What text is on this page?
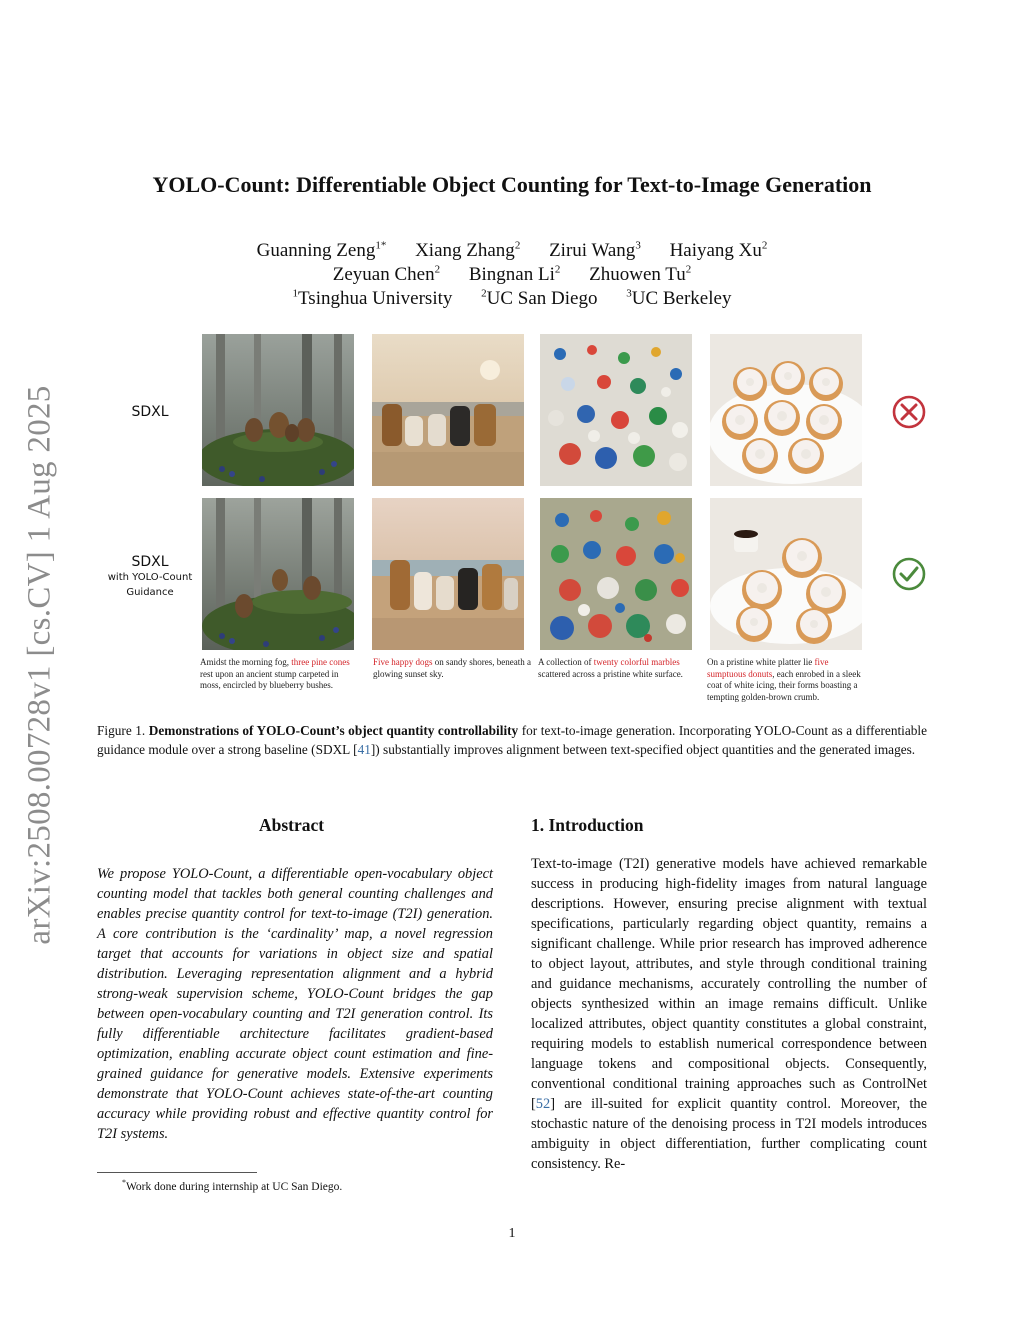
arXiv:2508.00728v1 [cs.CV] 1 Aug 2025
YOLO-Count: Differentiable Object Counting for Text-to-Image Generation
Guanning Zeng$^{1*}$ Xiang Zhang$^2$ Zirui Wang$^3$ Haiyang Xu$^2$
Zeyuan Chen$^2$ Bingnan Li$^2$ Zhuowen Tu$^2$
$^1$Tsinghua University	$^2$UC San Diego	$^3$UC Berkeley
SDXL
SDXL
with YOLO-Count
Guidance
Amidst the morning fog, three pine cones rest upon an ancient stump carpeted in moss, encircled by blueberry bushes.
Five happy dogs on sandy shores, beneath a glowing sunset sky.
A collection of twenty colorful marbles scattered across a pristine white surface.
On a pristine white platter lie five sumptuous donuts, each enrobed in a sleek coat of white icing, their forms boasting a tempting golden-brown crumb.
Figure 1. Demonstrations of YOLO-Count’s object quantity controllability for text-to-image generation. Incorporating YOLO-Count as a differentiable guidance module over a strong baseline (SDXL [41]) substantially improves alignment between text-specified object quantities and the generated images.
Abstract
We propose YOLO-Count, a differentiable open-vocabulary object counting model that tackles both general counting challenges and enables precise quantity control for text-to-image (T2I) generation. A core contribution is the ‘cardinality’ map, a novel regression target that accounts for variations in object size and spatial distribution. Leveraging representation alignment and a hybrid strong-weak supervision scheme, YOLO-Count bridges the gap between open-vocabulary counting and T2I generation control. Its fully differentiable architecture facilitates gradient-based optimization, enabling accurate object count estimation and fine-grained guidance for generative models. Extensive experiments demonstrate that YOLO-Count achieves state-of-the-art counting accuracy while providing robust and effective quantity control for T2I systems.
1. Introduction
Text-to-image (T2I) generative models have achieved remarkable success in producing high-fidelity images from natural language descriptions. However, ensuring precise alignment with textual specifications, particularly regarding object quantity, remains a significant challenge. While prior research has improved adherence to object layout, attributes, and style through conditional training and guidance mechanisms, accurately controlling the number of objects synthesized within an image remains difficult. Unlike localized attributes, object quantity constitutes a global constraint, requiring models to establish numerical correspondence between language tokens and compositional objects. Consequently, conventional conditional training approaches such as ControlNet [52] are ill-suited for explicit quantity control. Moreover, the stochastic nature of the denoising process in T2I models introduces ambiguity in object differentiation, further complicating count consistency. Re-
*Work done during internship at UC San Diego.
1
